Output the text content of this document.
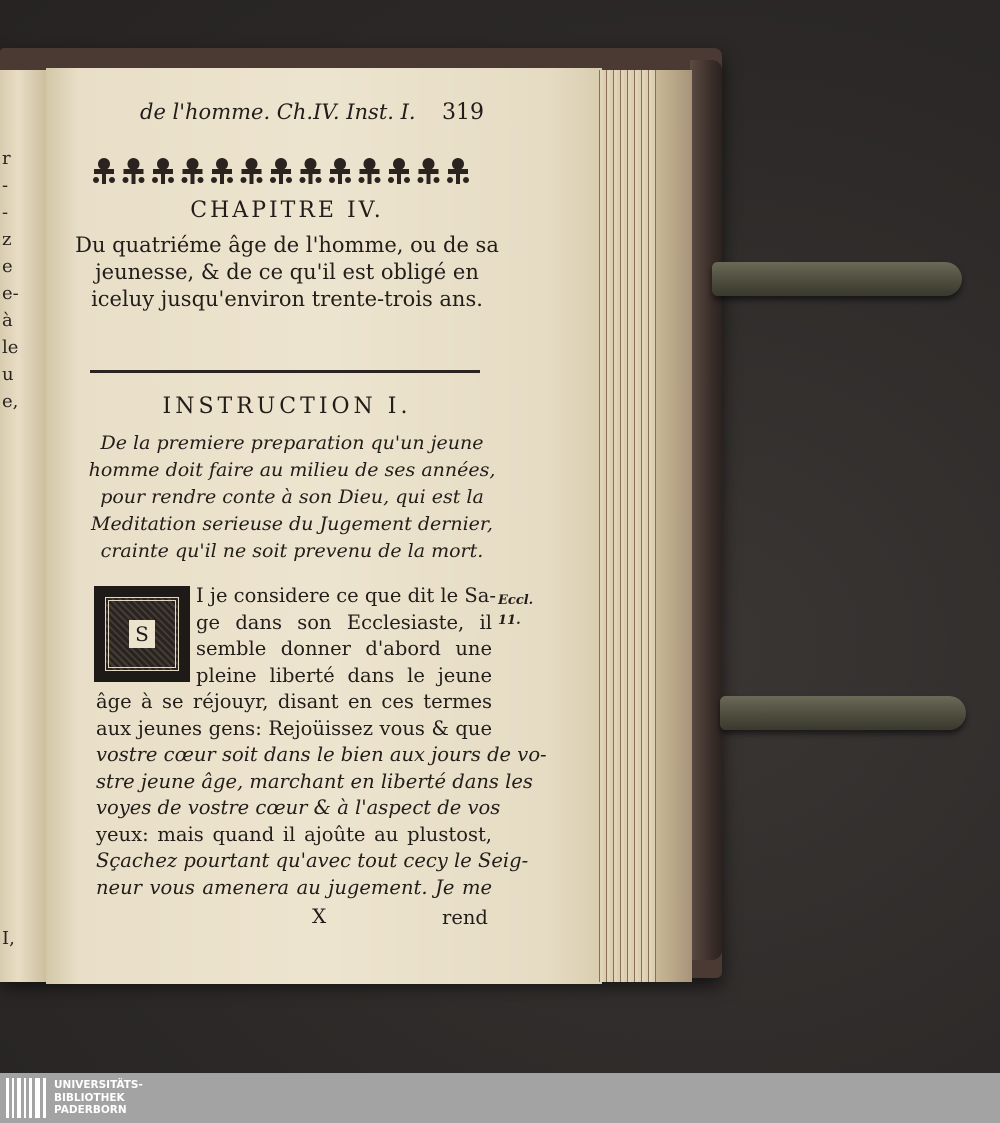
r
-
-
z
e
e-
à
le
u
e,
I,
de l'homme. Ch.IV. Inst. I. 319
CHAPITRE IV.
Du quatriéme âge de l'homme, ou de sa jeunesse, & de ce qu'il est obligé en iceluy jusqu'environ trente-trois ans.
INSTRUCTION I.
De la premiere preparation qu'un jeune homme doit faire au milieu de ses années, pour rendre conte à son Dieu, qui est la Meditation serieuse du Jugement dernier, crainte qu'il ne soit prevenu de la mort.
S
I je considere ce que dit le Sa-
ge dans son Ecclesiaste, il
semble donner d'abord une
pleine liberté dans le jeune
âge à se réjouyr, disant en ces termes
aux jeunes gens: Rejoüissez vous & que
vostre cœur soit dans le bien aux jours de vo-
stre jeune âge, marchant en liberté dans les
voyes de vostre cœur & à l'aspect de vos
yeux: mais quand il ajoûte au plustost,
Sçachez pourtant qu'avec tout cecy le Seig-
neur vous amenera au jugement. Je me
Eccl.
11.
X	rend
UNIVERSITÄTS-
BIBLIOTHEK
PADERBORN
